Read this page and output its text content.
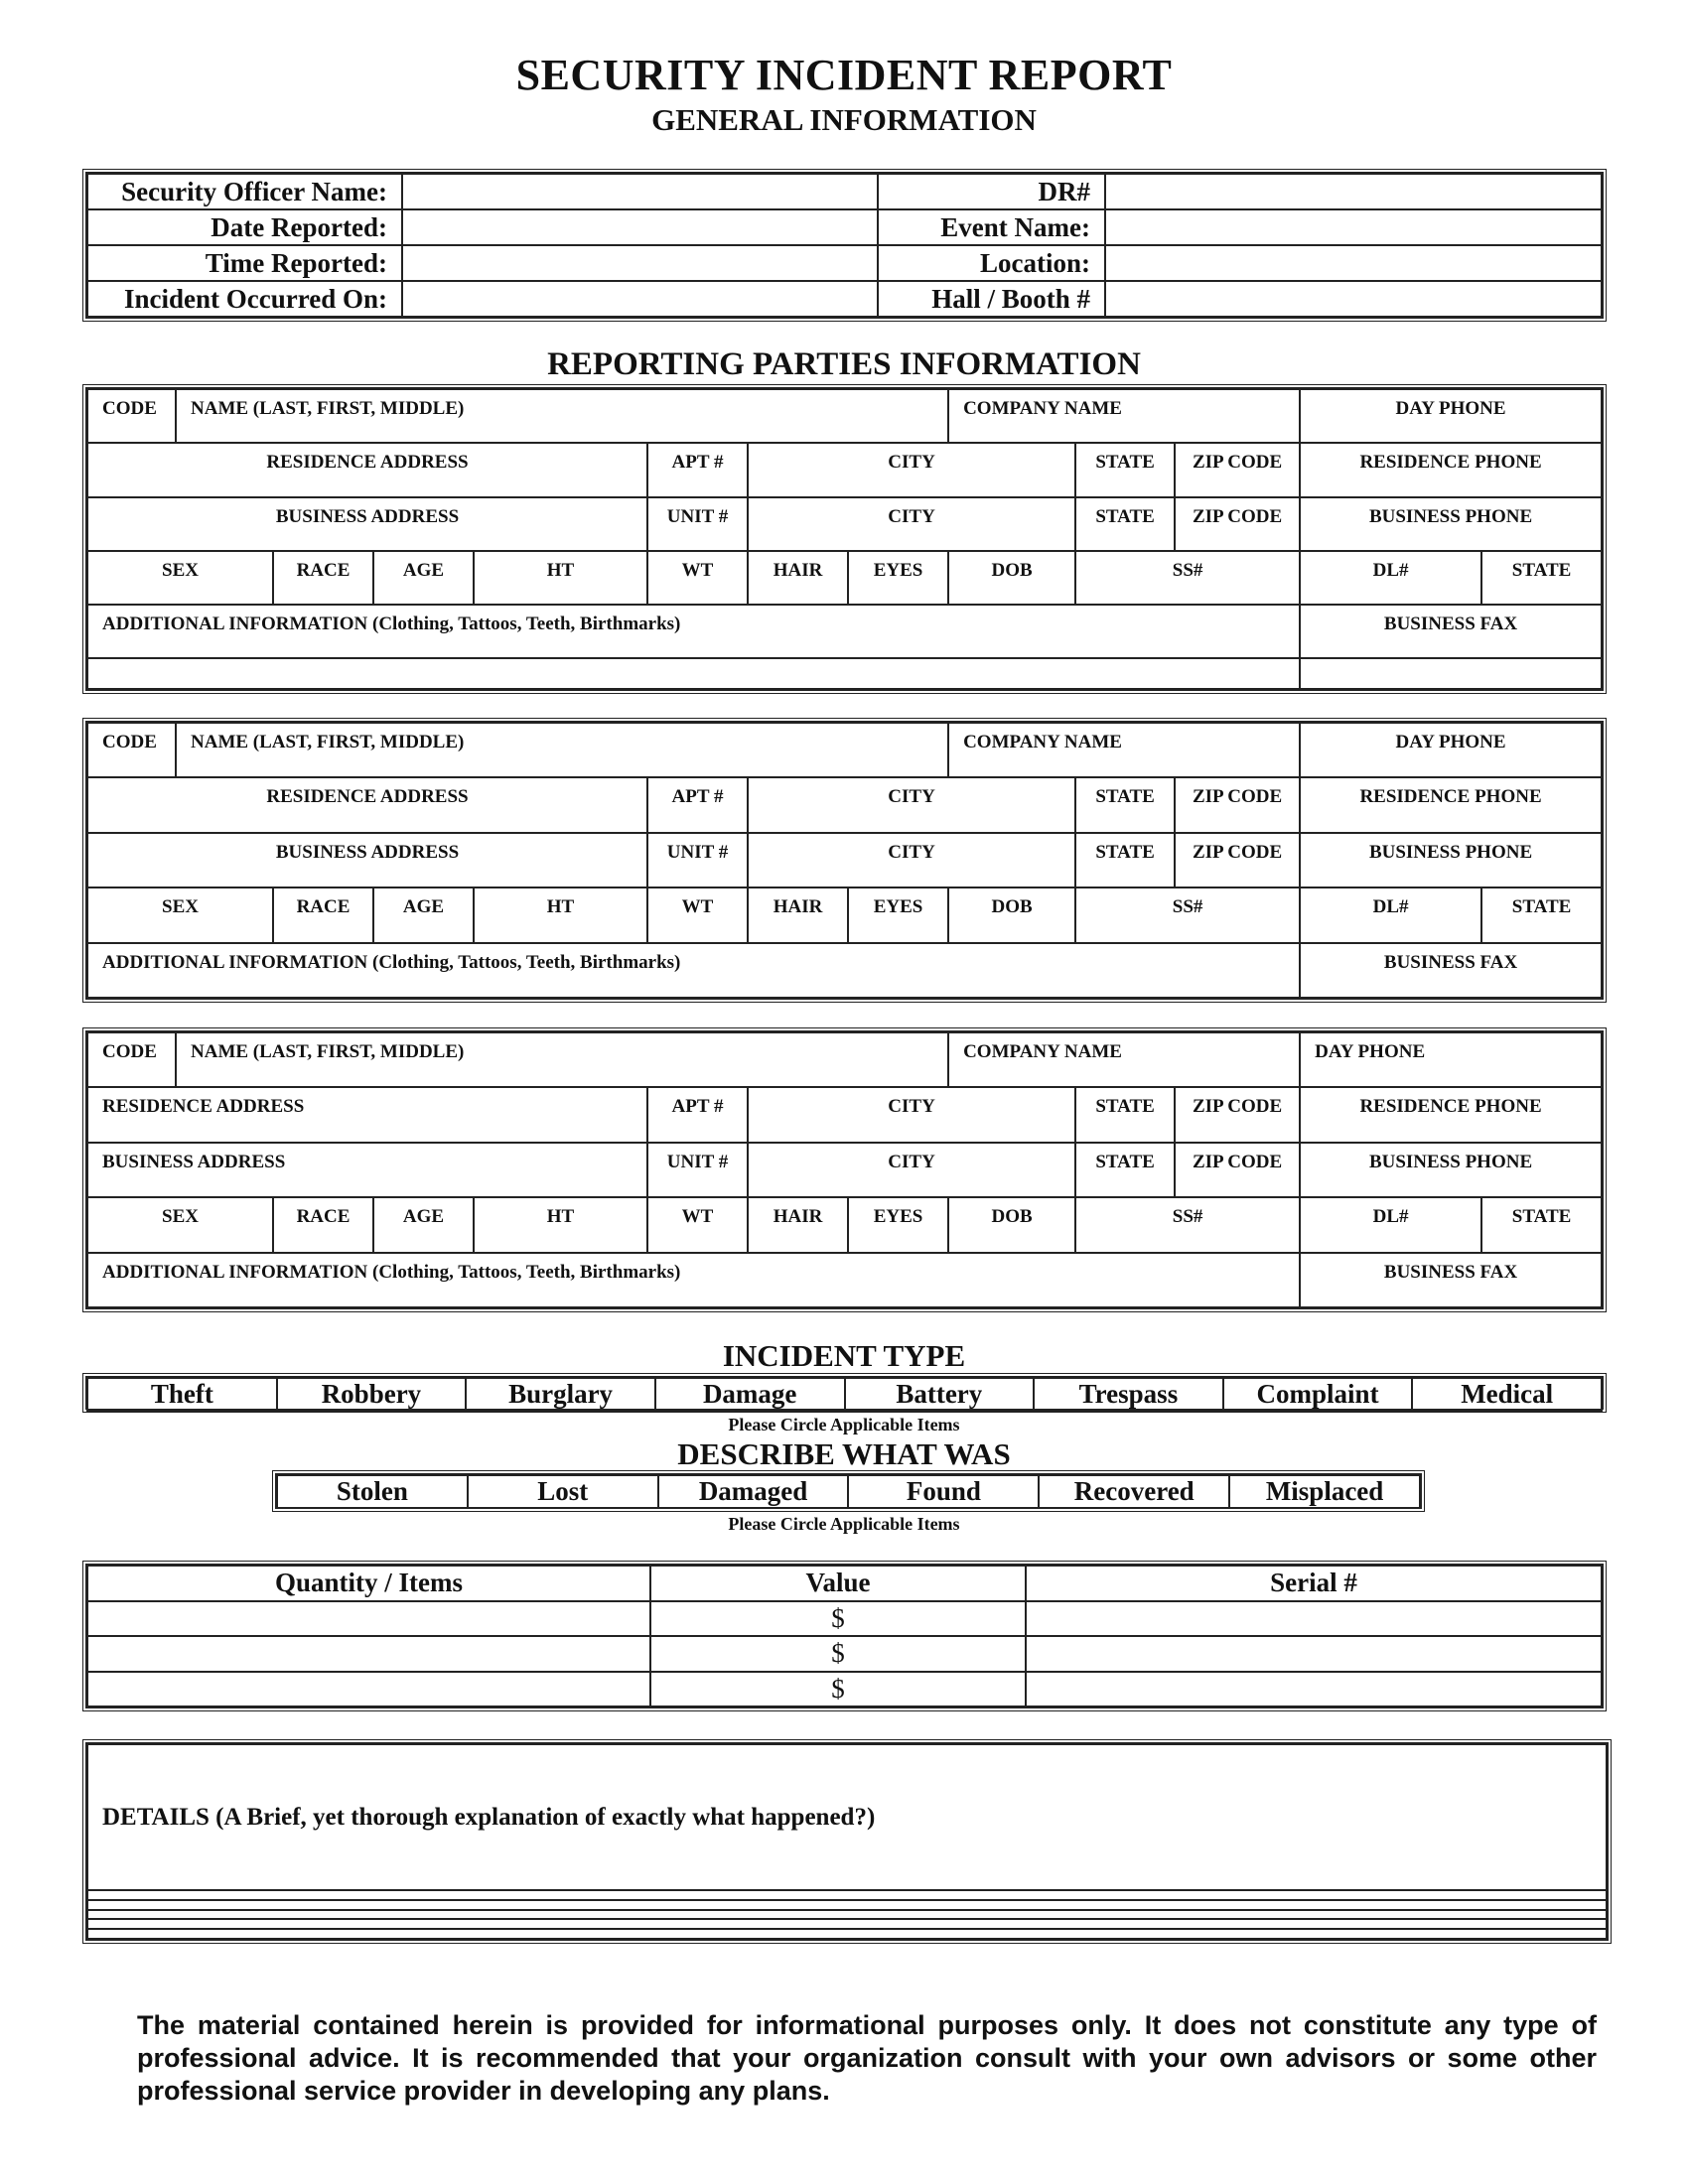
SECURITY INCIDENT REPORT
GENERAL INFORMATION
Security Officer Name:		DR#	
Date Reported:		Event Name:	
Time Reported:		Location:	
Incident Occurred On:		Hall / Booth #	
REPORTING PARTIES INFORMATION
CODE	NAME (LAST, FIRST, MIDDLE)							COMPANY NAME			DAY PHONE	
RESIDENCE ADDRESS					APT #	CITY			STATE	ZIP CODE	RESIDENCE PHONE	
BUSINESS ADDRESS					UNIT #	CITY			STATE	ZIP CODE	BUSINESS PHONE	
SEX		RACE	AGE	HT	WT	HAIR	EYES	DOB	SS#		DL#	STATE
ADDITIONAL INFORMATION (Clothing, Tattoos, Teeth, Birthmarks)											BUSINESS FAX	

CODE	NAME (LAST, FIRST, MIDDLE)							COMPANY NAME			DAY PHONE	
RESIDENCE ADDRESS					APT #	CITY			STATE	ZIP CODE	RESIDENCE PHONE	
BUSINESS ADDRESS					UNIT #	CITY			STATE	ZIP CODE	BUSINESS PHONE	
SEX		RACE	AGE	HT	WT	HAIR	EYES	DOB	SS#		DL#	STATE
ADDITIONAL INFORMATION (Clothing, Tattoos, Teeth, Birthmarks)											BUSINESS FAX	
CODE	NAME (LAST, FIRST, MIDDLE)							COMPANY NAME			DAY PHONE	
RESIDENCE ADDRESS					APT #	CITY			STATE	ZIP CODE	RESIDENCE PHONE	
BUSINESS ADDRESS					UNIT #	CITY			STATE	ZIP CODE	BUSINESS PHONE	
SEX		RACE	AGE	HT	WT	HAIR	EYES	DOB	SS#		DL#	STATE
ADDITIONAL INFORMATION (Clothing, Tattoos, Teeth, Birthmarks)											BUSINESS FAX	
INCIDENT TYPE
Theft	Robbery	Burglary	Damage	Battery	Trespass	Complaint	Medical
Please Circle Applicable Items
DESCRIBE WHAT WAS
Stolen	Lost	Damaged	Found	Recovered	Misplaced
Please Circle Applicable Items
Quantity / Items	Value	Serial #
	$	
	$	
	$	
DETAILS (A Brief, yet thorough explanation of exactly what happened?)

The material contained herein is provided for informational purposes only. It does not constitute any type of professional advice. It is recommended that your organization consult with your own advisors or some other professional service provider in developing any plans.
